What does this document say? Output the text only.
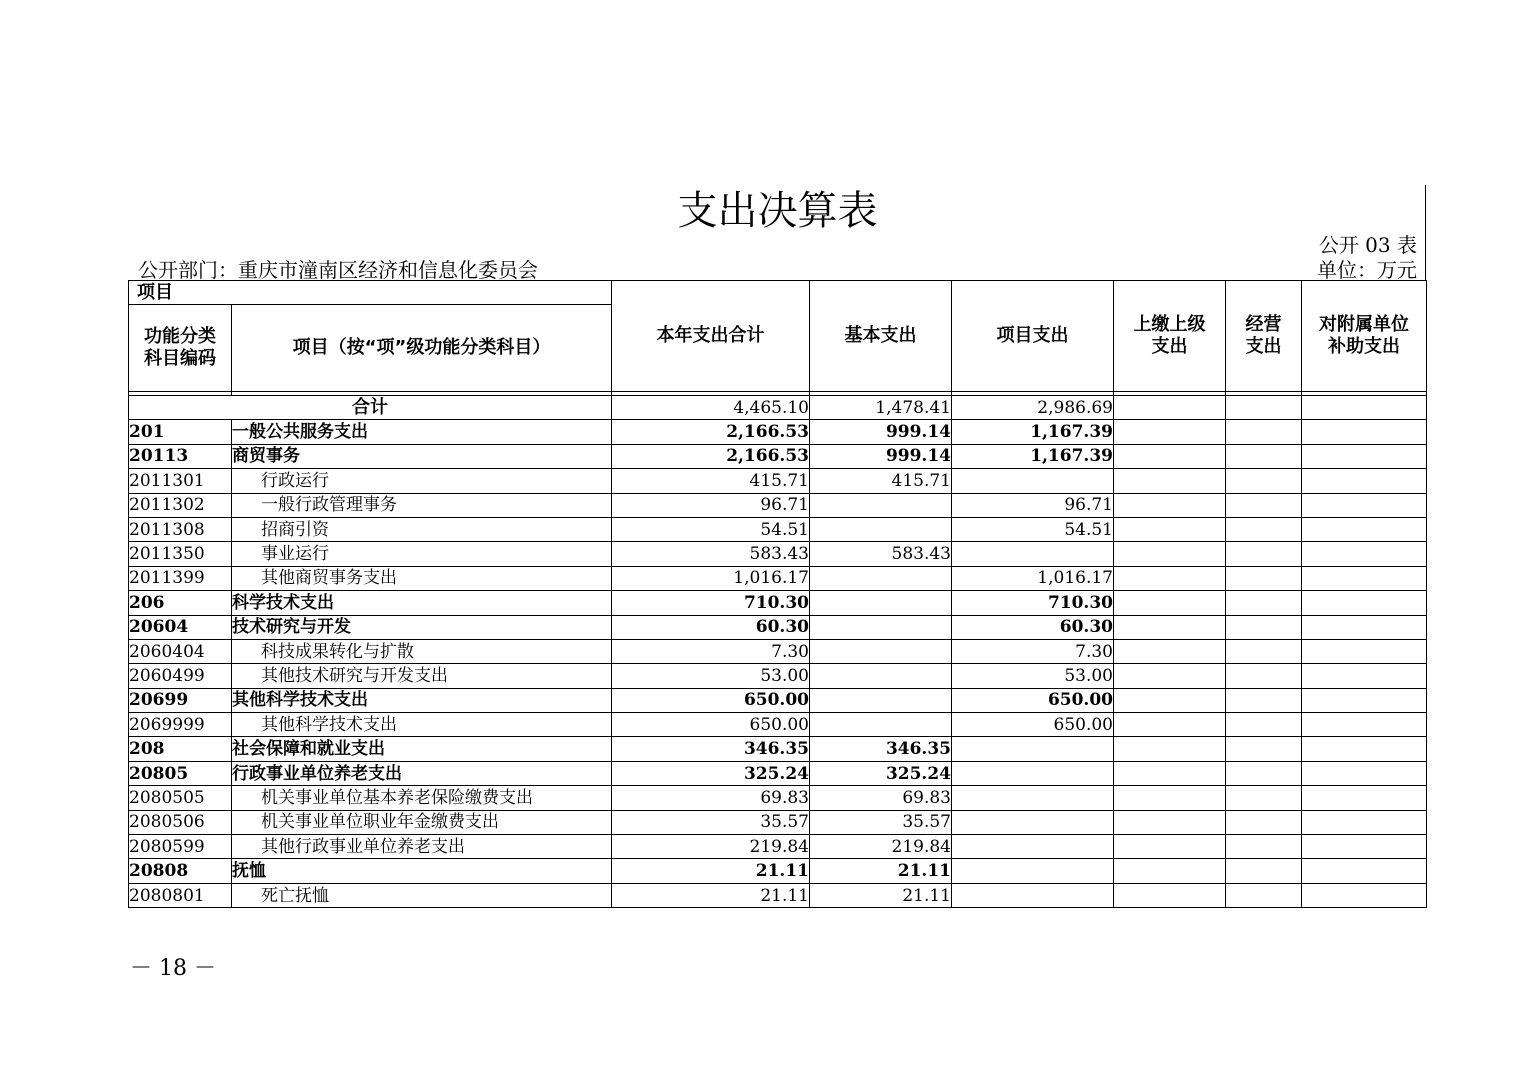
支出决算表
公开 03 表
公开部门：重庆市潼南区经济和信息化委员会	单位：万元
项目		本年支出合计	基本支出	项目支出	上缴上级支出	经营支出	对附属单位补助支出

功能分类科目编码	项目（按“项”级功能分类科目）						

合计		4,465.10	1,478.41	2,986.69			
201	一般公共服务支出	2,166.53	999.14	1,167.39			
20113	商贸事务	2,166.53	999.14	1,167.39			
2011301	行政运行	415.71	415.71				
2011302	一般行政管理事务	96.71		96.71			
2011308	招商引资	54.51		54.51			
2011350	事业运行	583.43	583.43				
2011399	其他商贸事务支出	1,016.17		1,016.17			
206	科学技术支出	710.30		710.30			
20604	技术研究与开发	60.30		60.30			
2060404	科技成果转化与扩散	7.30		7.30			
2060499	其他技术研究与开发支出	53.00		53.00			
20699	其他科学技术支出	650.00		650.00			
2069999	其他科学技术支出	650.00		650.00			
208	社会保障和就业支出	346.35	346.35				
20805	行政事业单位养老支出	325.24	325.24				
2080505	机关事业单位基本养老保险缴费支出	69.83	69.83				
2080506	机关事业单位职业年金缴费支出	35.57	35.57				
2080599	其他行政事业单位养老支出	219.84	219.84				
20808	抚恤	21.11	21.11				
2080801	死亡抚恤	21.11	21.11				
－ 18 －
